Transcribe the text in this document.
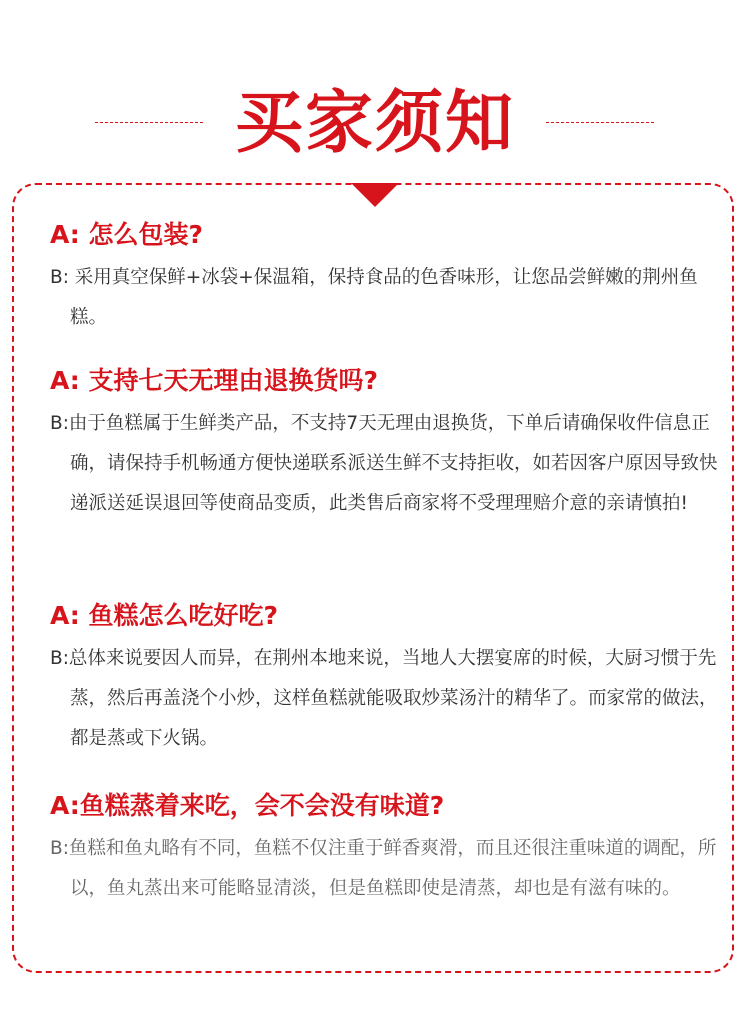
买家须知

A: 怎么包装?

B: 采用真空保鲜+冰袋+保温箱，保持食品的色香味形，让您品尝鲜嫩的荆州鱼糕。

A: 支持七天无理由退换货吗?

B:由于鱼糕属于生鲜类产品，不支持7天无理由退换货，下单后请确保收件信息正确，请保持手机畅通方便快递联系派送生鲜不支持拒收，如若因客户原因导致快递派送延误退回等使商品变质，此类售后商家将不受理理赔介意的亲请慎拍!

A: 鱼糕怎么吃好吃?

B:总体来说要因人而异，在荆州本地来说，当地人大摆宴席的时候，大厨习惯于先蒸，然后再盖浇个小炒，这样鱼糕就能吸取炒菜汤汁的精华了。而家常的做法，都是蒸或下火锅。

A:鱼糕蒸着来吃，会不会没有味道?

B:鱼糕和鱼丸略有不同，鱼糕不仅注重于鲜香爽滑，而且还很注重味道的调配，所以，鱼丸蒸出来可能略显清淡，但是鱼糕即使是清蒸，却也是有滋有味的。
